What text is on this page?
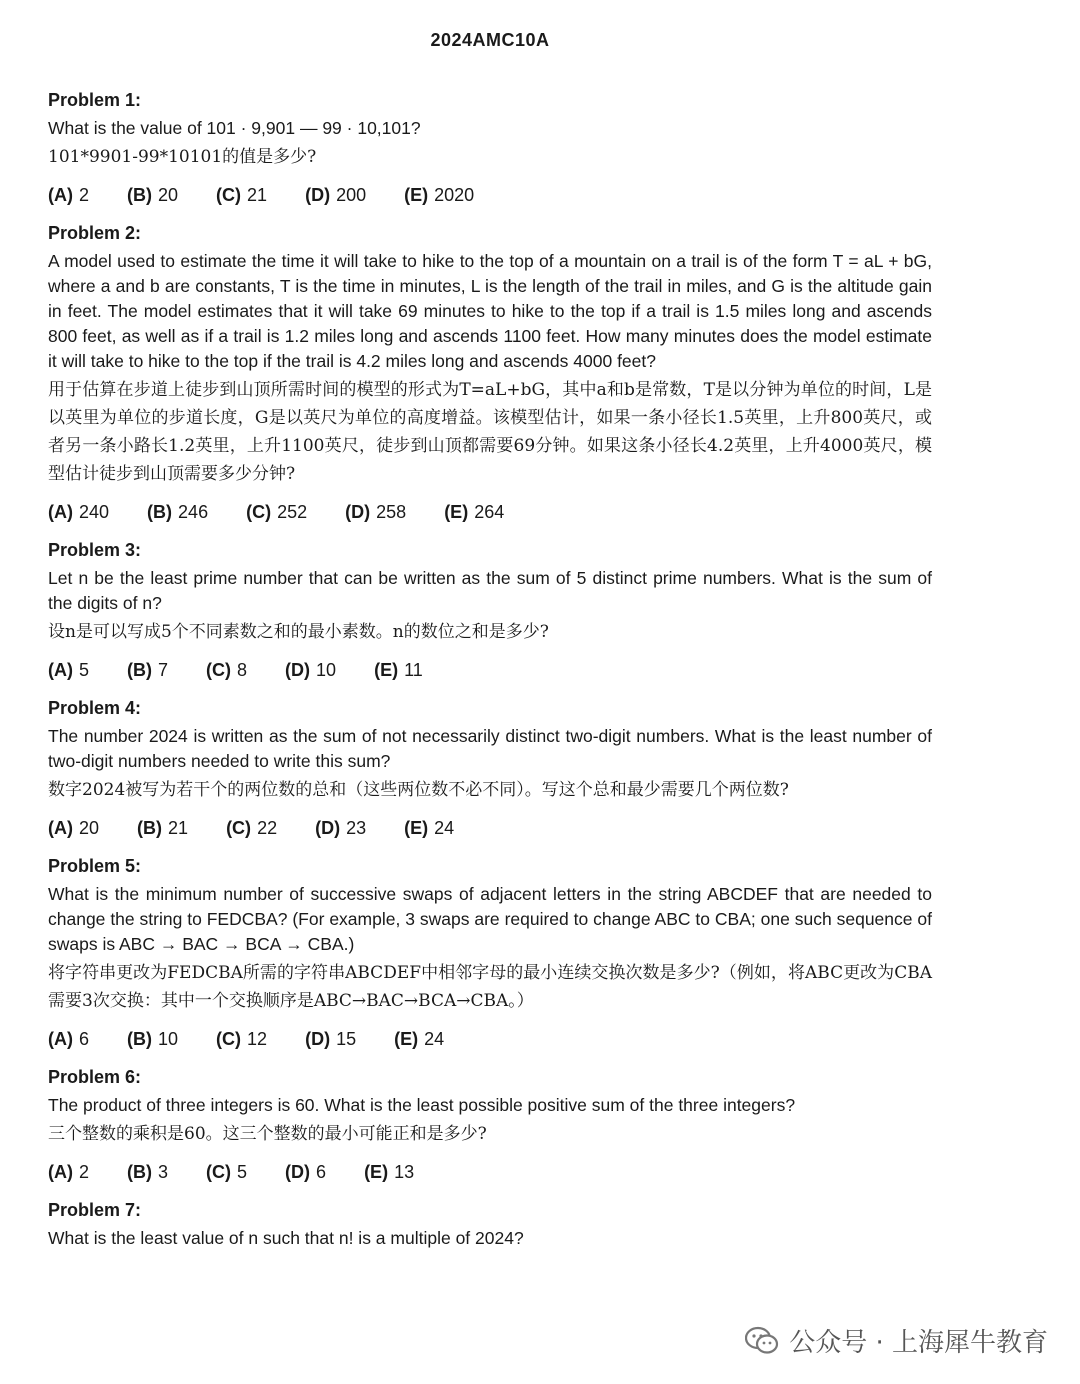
2024AMC10A
Problem 1:

What is the value of 101 · 9,901 — 99 · 10,101?

101*9901-99*10101的值是多少?

(A) 2 (B) 20 (C) 21 (D) 200 (E) 2020
Problem 2:

A model used to estimate the time it will take to hike to the top of a mountain on a trail is of the form T = aL + bG, where a and b are constants, T is the time in minutes, L is the length of the trail in miles, and G is the altitude gain in feet. The model estimates that it will take 69 minutes to hike to the top if a trail is 1.5 miles long and ascends 800 feet, as well as if a trail is 1.2 miles long and ascends 1100 feet. How many minutes does the model estimate it will take to hike to the top if the trail is 4.2 miles long and ascends 4000 feet?

用于估算在步道上徒步到山顶所需时间的模型的形式为T=aL+bG，其中a和b是常数，T是以分钟为单位的时间，L是以英里为单位的步道长度，G是以英尺为单位的高度增益。该模型估计，如果一条小径长1.5英里，上升800英尺，或者另一条小路长1.2英里，上升1100英尺，徒步到山顶都需要69分钟。如果这条小径长4.2英里，上升4000英尺，模型估计徒步到山顶需要多少分钟?

(A) 240 (B) 246 (C) 252 (D) 258 (E) 264
Problem 3:

Let n be the least prime number that can be written as the sum of 5 distinct prime numbers. What is the sum of the digits of n?

设n是可以写成5个不同素数之和的最小素数。n的数位之和是多少?

(A) 5 (B) 7 (C) 8 (D) 10 (E) 11
Problem 4:

The number 2024 is written as the sum of not necessarily distinct two-digit numbers. What is the least number of two-digit numbers needed to write this sum?

数字2024被写为若干个的两位数的总和（这些两位数不必不同）。写这个总和最少需要几个两位数?

(A) 20 (B) 21 (C) 22 (D) 23 (E) 24
Problem 5:

What is the minimum number of successive swaps of adjacent letters in the string ABCDEF that are needed to change the string to FEDCBA? (For example, 3 swaps are required to change ABC to CBA; one such sequence of swaps is ABC → BAC → BCA → CBA.)

将字符串更改为FEDCBA所需的字符串ABCDEF中相邻字母的最小连续交换次数是多少?（例如，将ABC更改为CBA需要3次交换：其中一个交换顺序是ABC→BAC→BCA→CBA。）

(A) 6 (B) 10 (C) 12 (D) 15 (E) 24
Problem 6:

The product of three integers is 60. What is the least possible positive sum of the three integers?

三个整数的乘积是60。这三个整数的最小可能正和是多少?

(A) 2 (B) 3 (C) 5 (D) 6 (E) 13
Problem 7:

What is the least value of n such that n! is a multiple of 2024?

公众号 · 上海犀牛教育
